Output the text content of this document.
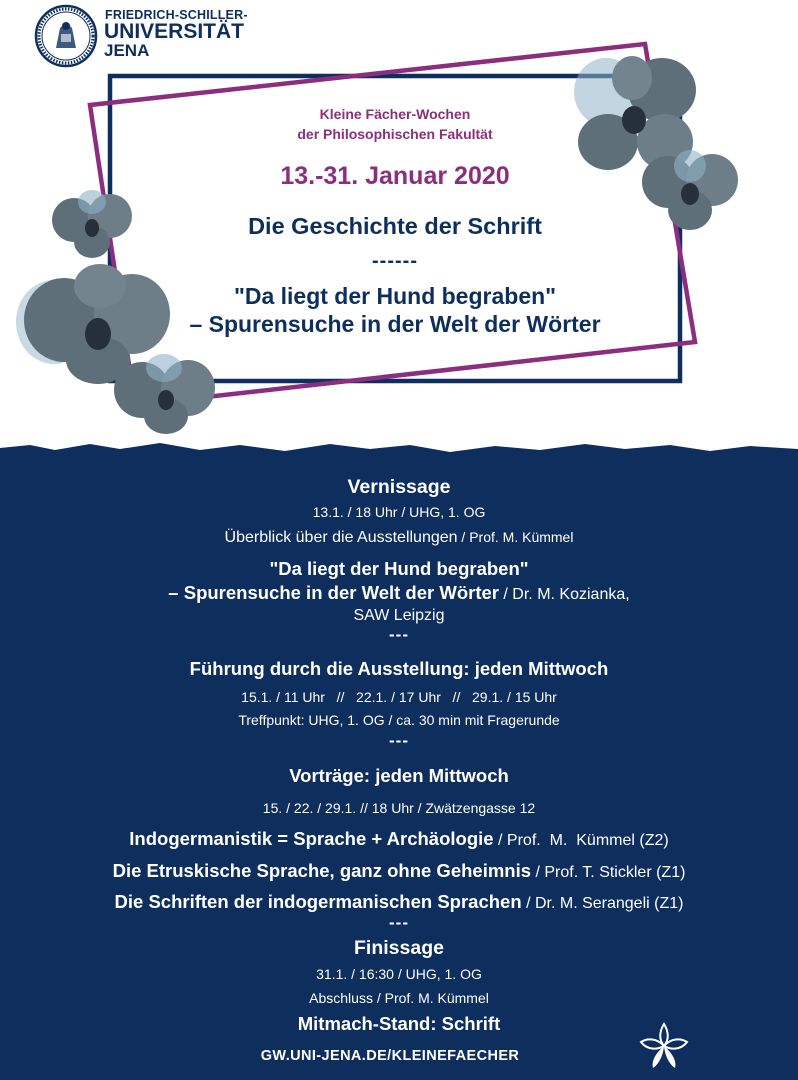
FRIEDRICH-SCHILLER-
UNIVERSITÄT
JENA
Kleine Fächer-Wochen
der Philosophischen Fakultät
13.-31. Januar 2020
Die Geschichte der Schrift
------
"Da liegt der Hund begraben"
– Spurensuche in der Welt der Wörter
Vernissage
13.1. / 18 Uhr / UHG, 1. OG
Überblick über die Ausstellungen / Prof. M. Kümmel
"Da liegt der Hund begraben"
– Spurensuche in der Welt der Wörter / Dr. M. Kozianka,
SAW Leipzig
---
Führung durch die Ausstellung: jeden Mittwoch
15.1. / 11 Uhr   //   22.1. / 17 Uhr   //   29.1. / 15 Uhr
Treffpunkt: UHG, 1. OG / ca. 30 min mit Fragerunde
---
Vorträge: jeden Mittwoch
15. / 22. / 29.1. // 18 Uhr / Zwätzengasse 12
Indogermanistik = Sprache + Archäologie / Prof.  M.  Kümmel (Z2)
Die Etruskische Sprache, ganz ohne Geheimnis / Prof. T. Stickler (Z1)
Die Schriften der indogermanischen Sprachen / Dr. M. Serangeli (Z1)
---
Finissage
31.1. / 16:30 / UHG, 1. OG
Abschluss / Prof. M. Kümmel
Mitmach-Stand: Schrift
GW.UNI-JENA.DE/KLEINEFAECHER
